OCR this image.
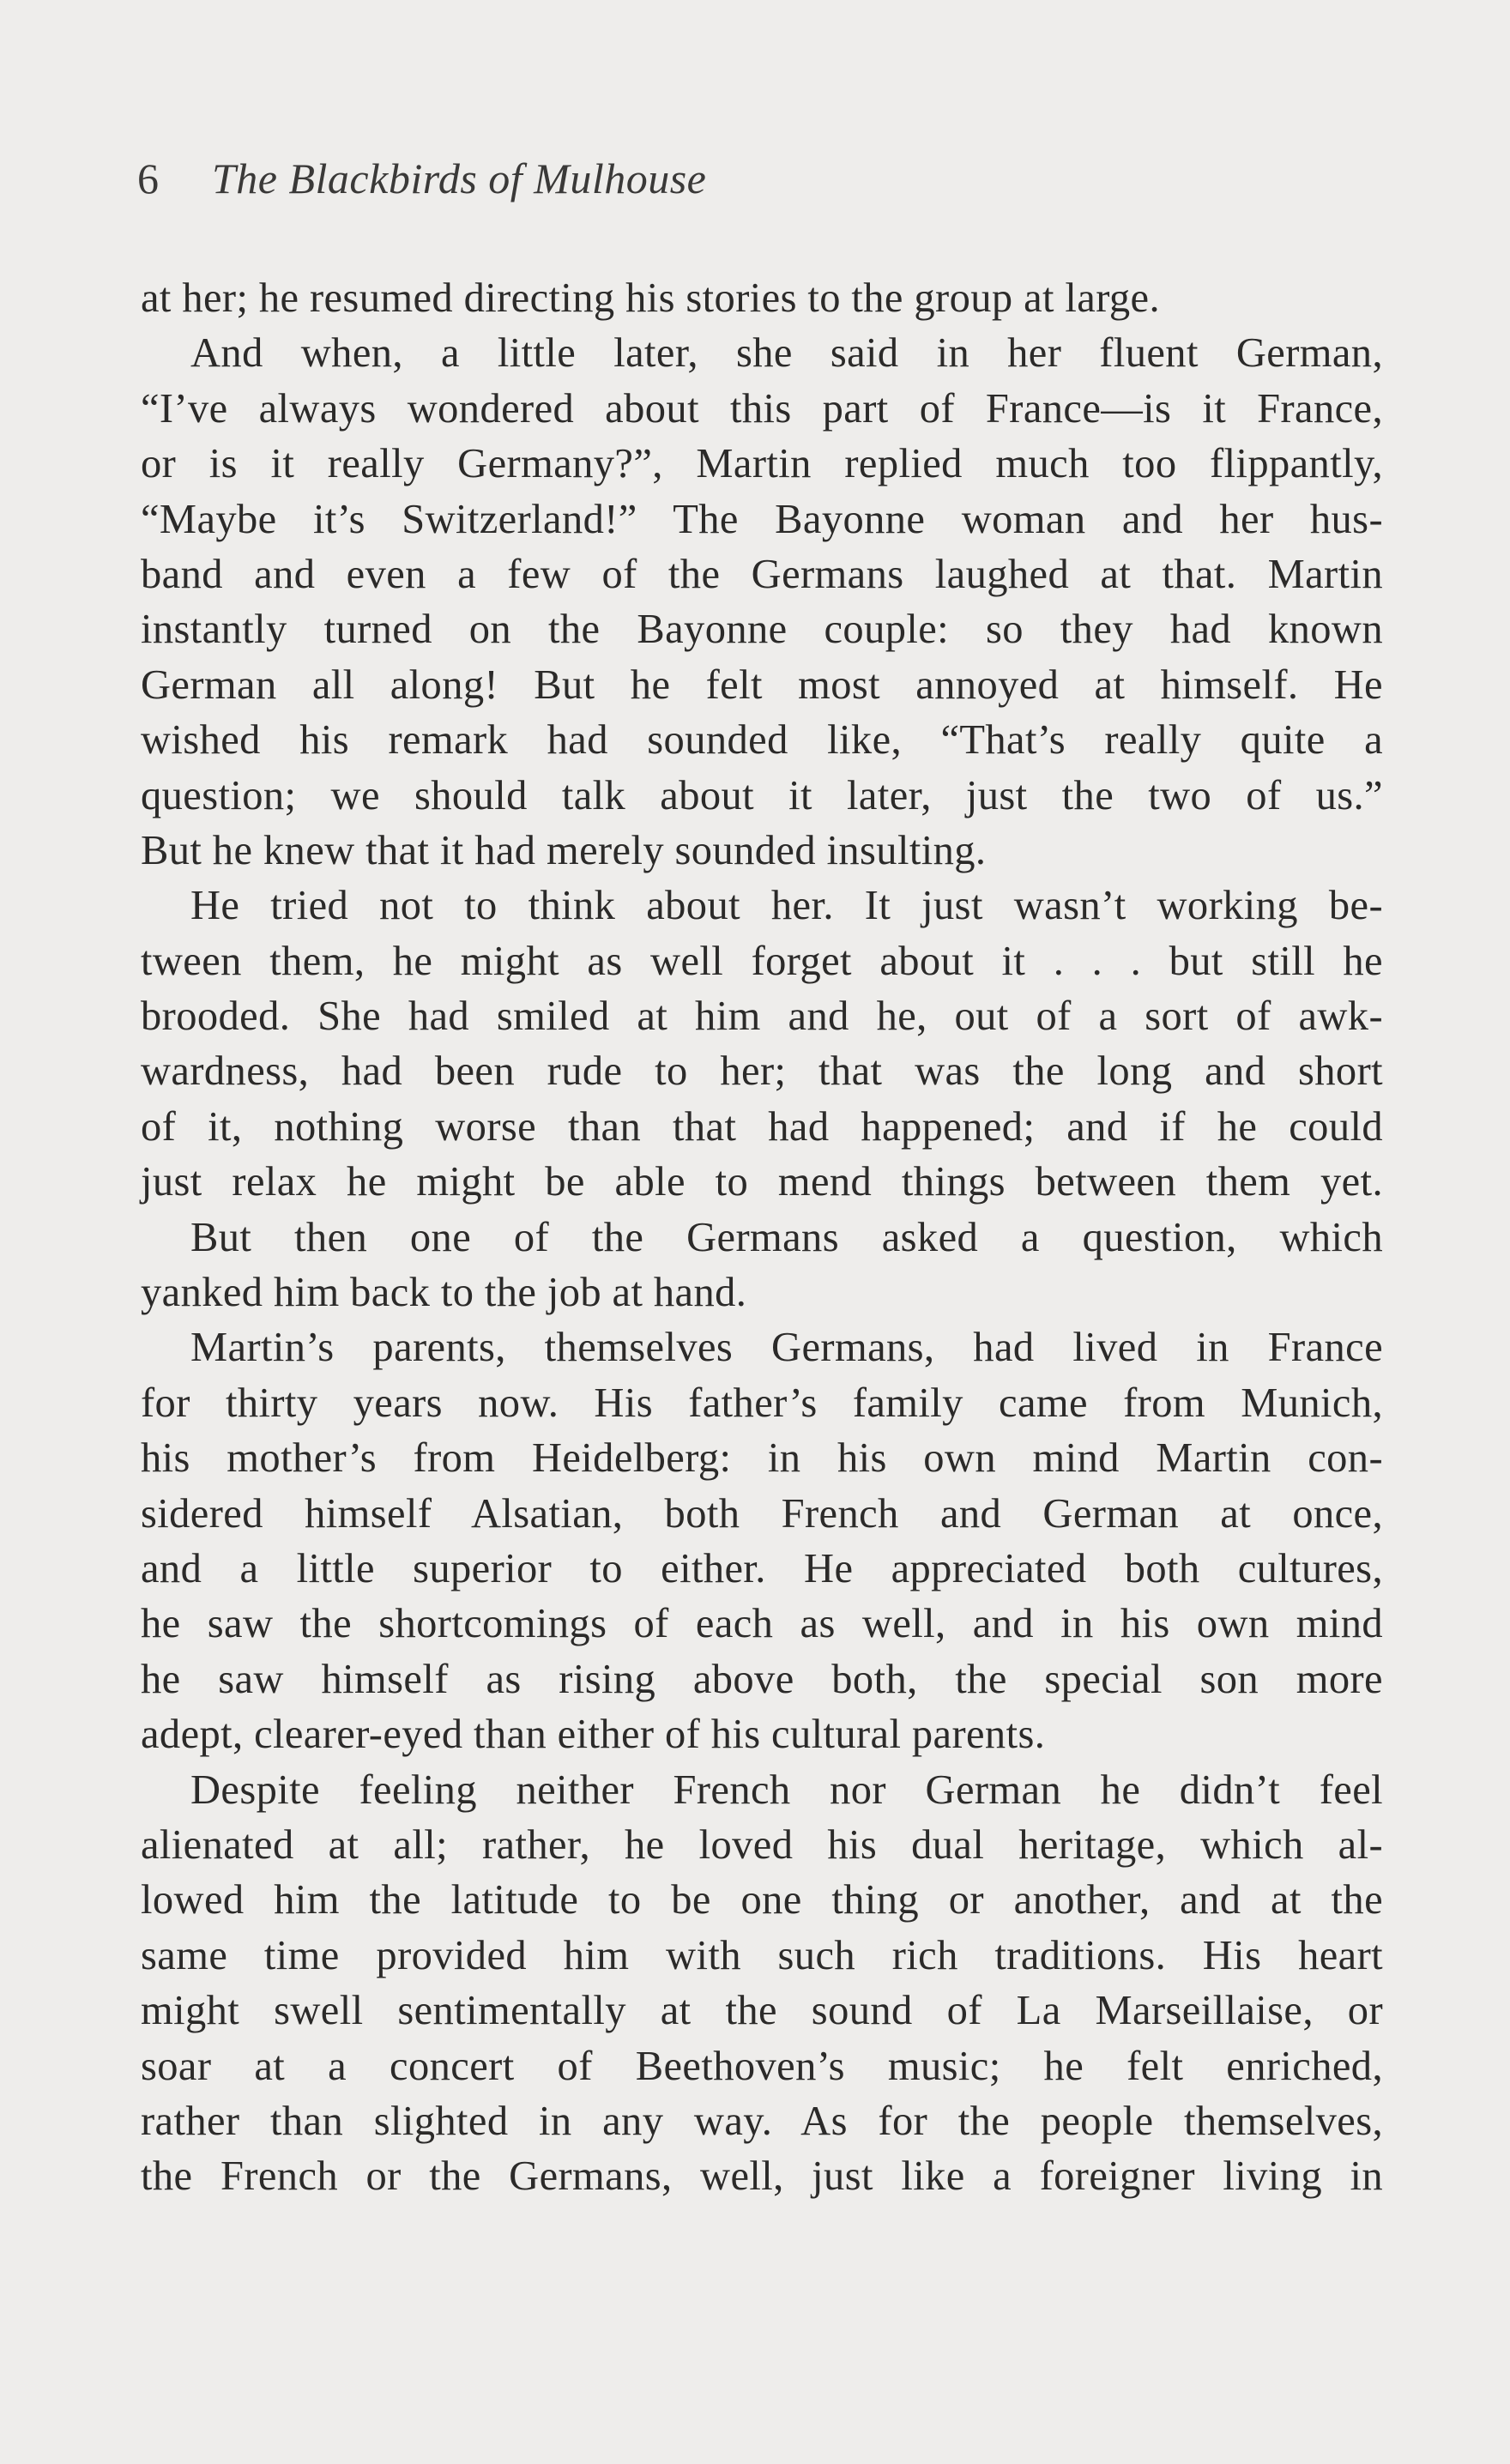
6 The Blackbirds of Mulhouse
at her; he resumed directing his stories to the group at large.
And when, a little later, she said in her fluent German,
“I’ve always wondered about this part of France—is it France,
or is it really Germany?”, Martin replied much too flippantly,
“Maybe it’s Switzerland!” The Bayonne woman and her hus-
band and even a few of the Germans laughed at that. Martin
instantly turned on the Bayonne couple: so they had known
German all along! But he felt most annoyed at himself. He
wished his remark had sounded like, “That’s really quite a
question; we should talk about it later, just the two of us.”
But he knew that it had merely sounded insulting.
He tried not to think about her. It just wasn’t working be-
tween them, he might as well forget about it . . . but still he
brooded. She had smiled at him and he, out of a sort of awk-
wardness, had been rude to her; that was the long and short
of it, nothing worse than that had happened; and if he could
just relax he might be able to mend things between them yet.
But then one of the Germans asked a question, which
yanked him back to the job at hand.
Martin’s parents, themselves Germans, had lived in France
for thirty years now. His father’s family came from Munich,
his mother’s from Heidelberg: in his own mind Martin con-
sidered himself Alsatian, both French and German at once,
and a little superior to either. He appreciated both cultures,
he saw the shortcomings of each as well, and in his own mind
he saw himself as rising above both, the special son more
adept, clearer-eyed than either of his cultural parents.
Despite feeling neither French nor German he didn’t feel
alienated at all; rather, he loved his dual heritage, which al-
lowed him the latitude to be one thing or another, and at the
same time provided him with such rich traditions. His heart
might swell sentimentally at the sound of La Marseillaise, or
soar at a concert of Beethoven’s music; he felt enriched,
rather than slighted in any way. As for the people themselves,
the French or the Germans, well, just like a foreigner living in
